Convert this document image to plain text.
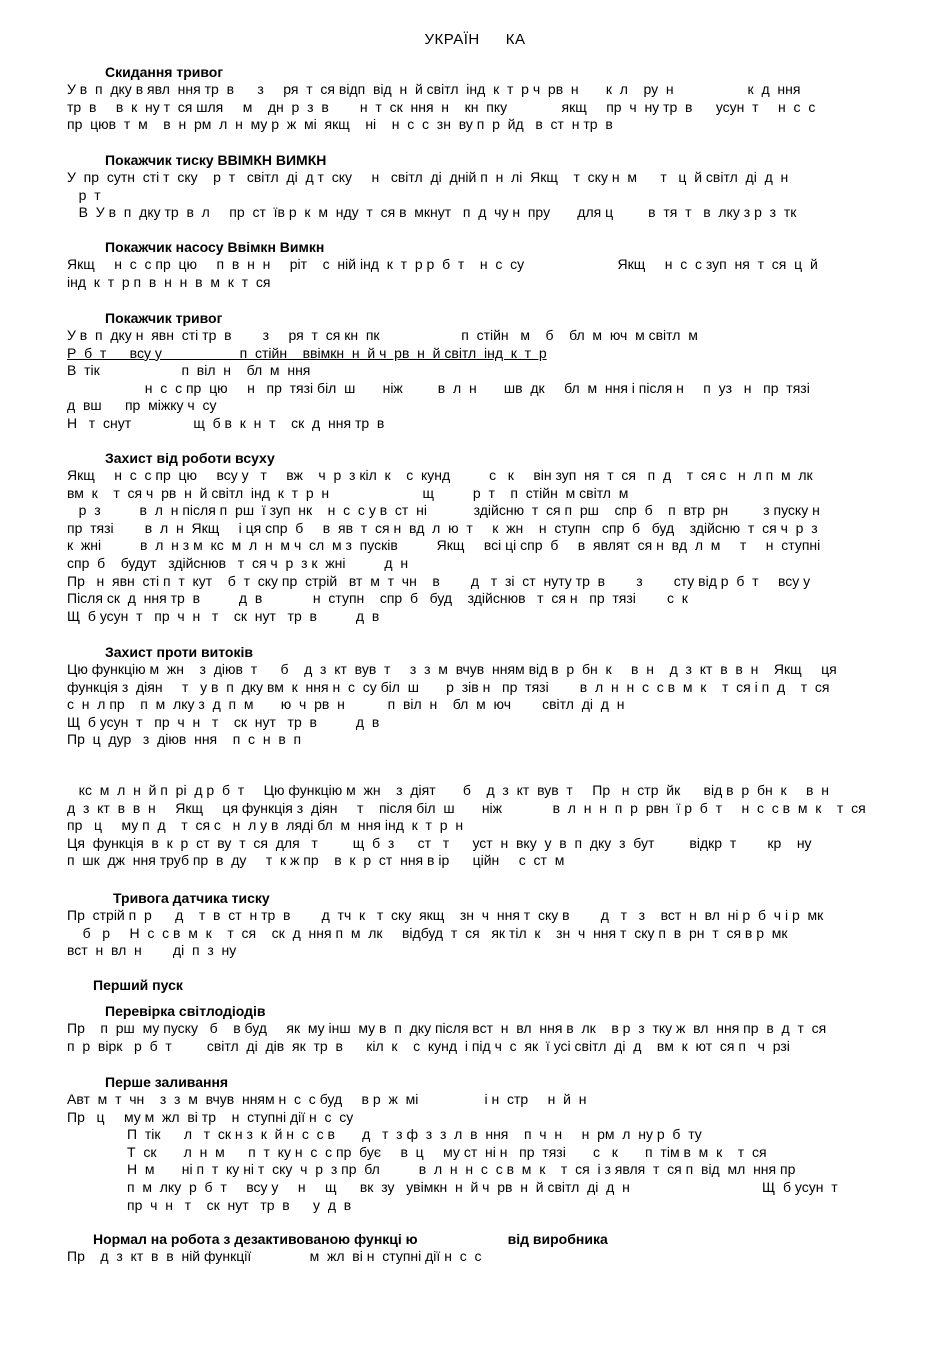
УКРАЇН КА
Скидання тривог
У в  п  дку в явл  ння тр  в      з     ря  т  ся відп  від  н  й світл  інд  к  т  р ч  рв  н       к  л    ру  н                   к  д  ння
тр  в     в  к  ну т  ся шля     м    дн  р  з  в        н  т  ск  ння  н    кн  пку              якщ     пр  ч  ну тр  в      усун  т     н  с  с
пр  цюв  т  м    в  н  рм  л  н  му р  ж  мі  якщ    ні    н  с  с  зн  ву п  р  йд   в  ст  н тр  в
Покажчик тиску ВВІМКН ВИМКН
У  пр  сутн  сті т  ску    р  т   світл  ді  д т  ску     н   світл  ді  дній п  н  лі  Якщ    т  ску н  м      т   ц  й світл  ді  д  н
р  т
В  У в  п  дку тр  в  л     пр  ст  їв р  к  м  нду  т  ся в  мкнут   п  д  чу н  пру       для ц         в  тя  т   в  лку з р  з  тк
Покажчик насосу Ввімкн Вимкн
Якщ     н  с  с пр  цю     п  в  н  н     ріт    с  ній інд  к  т  р р  б  т    н  с  су                        Якщ     н  с  с зуп  ня  т  ся  ц  й
інд  к  т  р п  в  н  н  в  м  к  т  ся
Покажчик тривог
У в  п  дку н  явн  сті тр  в        з     ря  т  ся кн  пк                     п  стійн   м    б    бл  м  юч  м світл  м
Р  б  т      всу у                    п  стійн    ввімкн  н  й ч  рв  н  й світл  інд  к  т  р
В  тік                     п  віл  н    бл  м  ння
н  с  с пр  цю     н   пр  тязі біл  ш       ніж         в  л  н       шв  дк     бл  м  ння і після н     п  уз   н   пр  тязі
д  вш      пр  міжку ч  су
Н   т  снут                щ  б в  к  н  т    ск  д  ння тр  в
Захист від роботи всуху
Якщ     н  с  с пр  цю     всу у   т     вж    ч  р  з кіл  к    с  кунд          с   к     він зуп  ня  т  ся   п  д    т  ся с   н  л п  м  лк
вм  к    т  ся ч  рв  н  й світл  інд  к  т  р  н                        щ          р  т    п  стійн  м світл  м
р  з          в  л  н після п  рш  ї зуп  нк    н  с  с у в  ст  ні            здійсню  т  ся п  рш    спр  б    п  втр  рн         з пуску н
пр  тязі        в  л  н  Якщ     і ця спр  б     в  яв  т  ся н  вд  л  ю  т     к  жн    н  ступн   спр  б   буд    здійсню  т  ся ч  р  з
к  жні          в  л  н з м  кс  м  л  н  м ч  сл  м з  пусків          Якщ     всі ці спр  б     в  являт  ся н  вд  л  м     т     н  ступні
спр  б    будут   здійснюв   т  ся ч  р  з к  жні          д  н
Пр   н  явн  сті п  т  кут    б  т  ску пр  стрій   вт  м  т  чн    в        д   т  зі  ст  нуту тр  в        з        сту від р  б  т     всу у
Після ск  д  ння тр  в          д  в             н  ступн    спр  б   буд    здійснюв   т  ся н   пр  тязі        с  к
Щ  б усун  т   пр  ч  н   т    ск  нут   тр  в          д  в
Захист проти витоків
Цю функцію м  жн    з  діюв  т      б    д  з  кт  вув  т     з  з  м  вчув  нням від в  р  бн  к     в  н    д  з  кт  в  в  н    Якщ     ця
функція з  діян     т   у в  п  дку вм  к  ння н  с  су біл  ш       р  зів н   пр  тязі        в  л  н  н  с  с в  м  к    т  ся і п  д    т  ся
с  н  л пр    п  м  лку з  д  п  м       ю  ч  рв  н           п  віл  н    бл  м  юч        світл  ді  д  н
Щ  б усун  т   пр  ч  н   т    ск  нут   тр  в          д  в
Пр  ц  дур   з  діюв  ння    п  с  н  в  п
кс  м  л  н  й п  рі  д р  б  т     Цю функцію м  жн    з  діят       б    д  з  кт  вув  т     Пр   н  стр  йк      від в  р  бн  к     в  н
д  з  кт  в  в  н     Якщ     ця функція з  діян     т    після біл  ш       ніж             в  л  н  н  п  р  рвн  ї р  б  т     н  с  с в  м  к    т  ся
пр   ц     му п  д    т  ся с   н  л у в  ляді бл  м  ння інд  к  т  р  н
Ця  функція  в  к  р  ст  ву  т  ся  для   т         щ  б  з      ст   т      уст  н  вку  у  в  п  дку  з  бут         відкр  т        кр    ну
п  шк  дж  ння труб пр  в  ду     т  к ж пр    в  к  р  ст  ння в ір      ційн     с  ст  м
Тривога датчика тиску
Пр  стрій п  р      д    т  в  ст  н тр  в        д  тч  к   т  ску  якщ    зн  ч  ння т  ску в        д   т   з    вст  н  вл  ні р  б  ч і р  мк
б   р     Н  с  с в  м  к    т  ся    ск  д  ння п  м  лк     відбуд  т  ся   як тіл  к    зн  ч  ння т  ску п  в  рн  т  ся в р  мк
вст  н  вл  н        ді  п  з  ну
Перший пуск
Перевірка світлодіодів
Пр    п  рш  му пуску   б    в буд     як  му інш  му в  п  дку після вст  н  вл  ння в  лк    в р  з  тку ж  вл  ння пр  в  д  т  ся
п  р  вірк   р  б  т         світл  ді  дів  як  тр  в      кіл  к    с  кунд  і під ч  с  як  ї усі світл  ді  д    вм  к  ют  ся п   ч  рзі
Перше заливання
Авт  м  т  чн    з  з  м  вчув  нням н  с  с буд     в р  ж  мі                 і н  стр     н  й  н
Пр   ц     му м  жл  ві тр    н  ступні дії н  с  су
П  тік      л   т  ск н з  к  й н  с  с в       д   т  з ф  з  з  л  в  ння    п  ч  н     н  рм  л  ну р  б  ту
Т  ск       л  н  м      п  т  ку н  с  с пр  бує     в  ц     му ст  ні н   пр  тязі       с   к       п  тім в  м  к    т  ся
Н  м       ні п  т  ку ні т  ску  ч  р  з пр  бл          в  л  н  н  с  с в  м  к    т  ся  і з явля  т  ся п  від  мл  ння пр
п  м  лку  р  б  т     всу у     н     щ      вк  зу   увімкн  н  й ч  рв  н  й світл  ді  д  н                                  Щ  б усун  т
пр  ч  н   т    ск  нут   тр  в      у  д  в
Нормал на робота з дезактивованою функці ю	від виробника
Пр    д  з  кт  в  в  ній функції               м  жл  ві н  ступні дії н  с  с
